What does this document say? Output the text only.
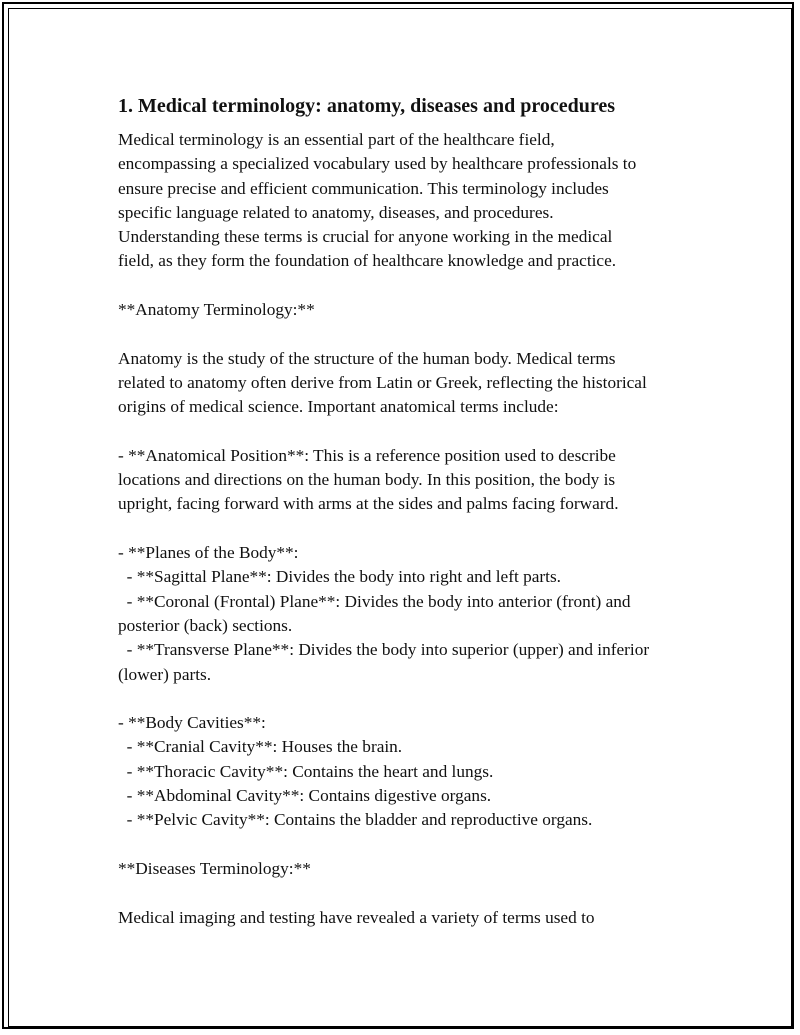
1. Medical terminology: anatomy, diseases and procedures
Medical terminology is an essential part of the healthcare field,
encompassing a specialized vocabulary used by healthcare professionals to
ensure precise and efficient communication. This terminology includes
specific language related to anatomy, diseases, and procedures.
Understanding these terms is crucial for anyone working in the medical
field, as they form the foundation of healthcare knowledge and practice.
**Anatomy Terminology:**
Anatomy is the study of the structure of the human body. Medical terms
related to anatomy often derive from Latin or Greek, reflecting the historical
origins of medical science. Important anatomical terms include:
- **Anatomical Position**: This is a reference position used to describe
locations and directions on the human body. In this position, the body is
upright, facing forward with arms at the sides and palms facing forward.
- **Planes of the Body**:
- **Sagittal Plane**: Divides the body into right and left parts.
- **Coronal (Frontal) Plane**: Divides the body into anterior (front) and
posterior (back) sections.
- **Transverse Plane**: Divides the body into superior (upper) and inferior
(lower) parts.
- **Body Cavities**:
- **Cranial Cavity**: Houses the brain.
- **Thoracic Cavity**: Contains the heart and lungs.
- **Abdominal Cavity**: Contains digestive organs.
- **Pelvic Cavity**: Contains the bladder and reproductive organs.
**Diseases Terminology:**
Medical imaging and testing have revealed a variety of terms used to
